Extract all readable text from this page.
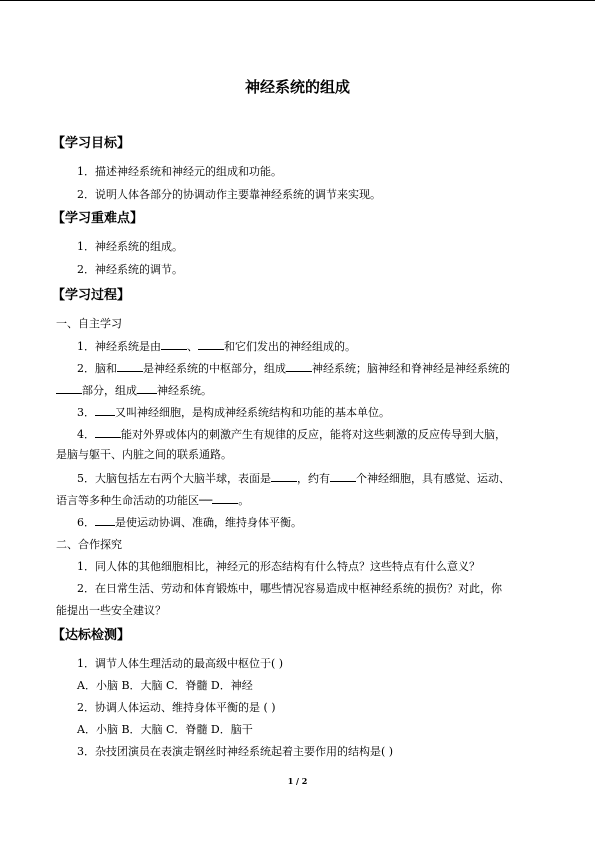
神经系统的组成
【学习目标】
1．描述神经系统和神经元的组成和功能。
2．说明人体各部分的协调动作主要靠神经系统的调节来实现。
【学习重难点】
1．神经系统的组成。
2．神经系统的调节。
【学习过程】
一、自主学习
1．神经系统是由 、 和它们发出的神经组成的。
2．脑和 是神经系统的中枢部分，组成 神经系统；脑神经和脊神经是神经系统的
部分，组成 神经系统。
3． 又叫神经细胞，是构成神经系统结构和功能的基本单位。
4． 能对外界或体内的刺激产生有规律的反应，能将对这些刺激的反应传导到大脑，
是脑与躯干、内脏之间的联系通路。
5．大脑包括左右两个大脑半球，表面是 ，约有 个神经细胞，具有感觉、运动、
语言等多种生命活动的功能区── 。
6． 是使运动协调、准确，维持身体平衡。
二、合作探究
1．同人体的其他细胞相比，神经元的形态结构有什么特点？这些特点有什么意义？
2．在日常生活、劳动和体育锻炼中，哪些情况容易造成中枢神经系统的损伤？对此，你
能提出一些安全建议？
【达标检测】
1．调节人体生理活动的最高级中枢位于( )
A．小脑 B．大脑 C．脊髓 D．神经
2．协调人体运动、维持身体平衡的是 ( )
A．小脑 B．大脑 C．脊髓 D．脑干
3．杂技团演员在表演走钢丝时神经系统起着主要作用的结构是( )
1 / 2
